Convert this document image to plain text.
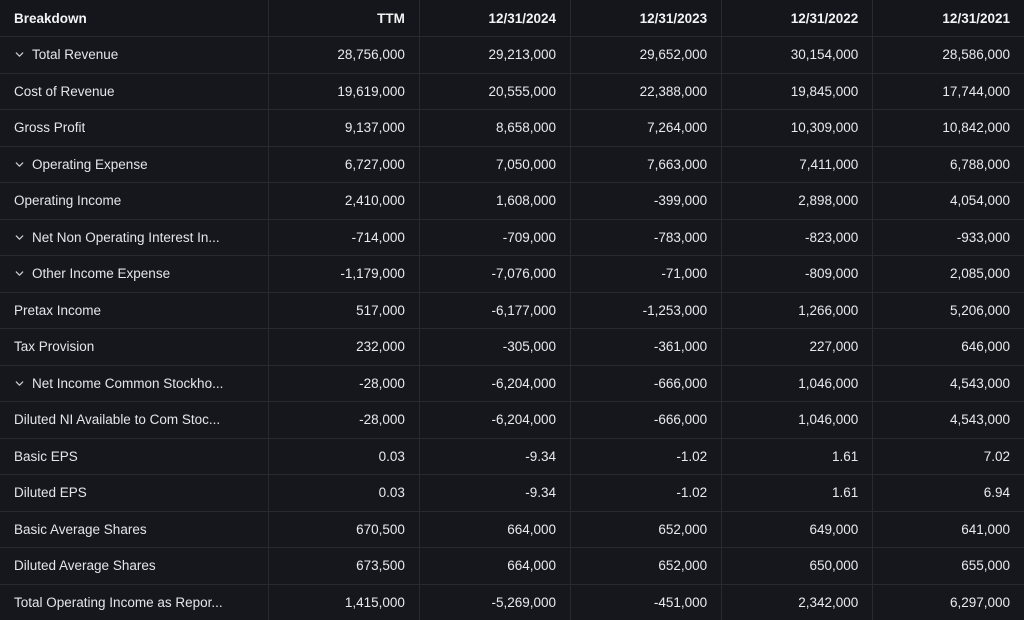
Breakdown	TTM	12/31/2024	12/31/2023	12/31/2022	12/31/2021

Total Revenue	28,756,000	29,213,000	29,652,000	30,154,000	28,586,000

Cost of Revenue	19,619,000	20,555,000	22,388,000	19,845,000	17,744,000

Gross Profit	9,137,000	8,658,000	7,264,000	10,309,000	10,842,000

Operating Expense	6,727,000	7,050,000	7,663,000	7,411,000	6,788,000

Operating Income	2,410,000	1,608,000	-399,000	2,898,000	4,054,000

Net Non Operating Interest In...	-714,000	-709,000	-783,000	-823,000	-933,000

Other Income Expense	-1,179,000	-7,076,000	-71,000	-809,000	2,085,000

Pretax Income	517,000	-6,177,000	-1,253,000	1,266,000	5,206,000

Tax Provision	232,000	-305,000	-361,000	227,000	646,000

Net Income Common Stockho...	-28,000	-6,204,000	-666,000	1,046,000	4,543,000

Diluted NI Available to Com Stoc...	-28,000	-6,204,000	-666,000	1,046,000	4,543,000

Basic EPS	0.03	-9.34	-1.02	1.61	7.02

Diluted EPS	0.03	-9.34	-1.02	1.61	6.94

Basic Average Shares	670,500	664,000	652,000	649,000	641,000

Diluted Average Shares	673,500	664,000	652,000	650,000	655,000

Total Operating Income as Repor...	1,415,000	-5,269,000	-451,000	2,342,000	6,297,000
